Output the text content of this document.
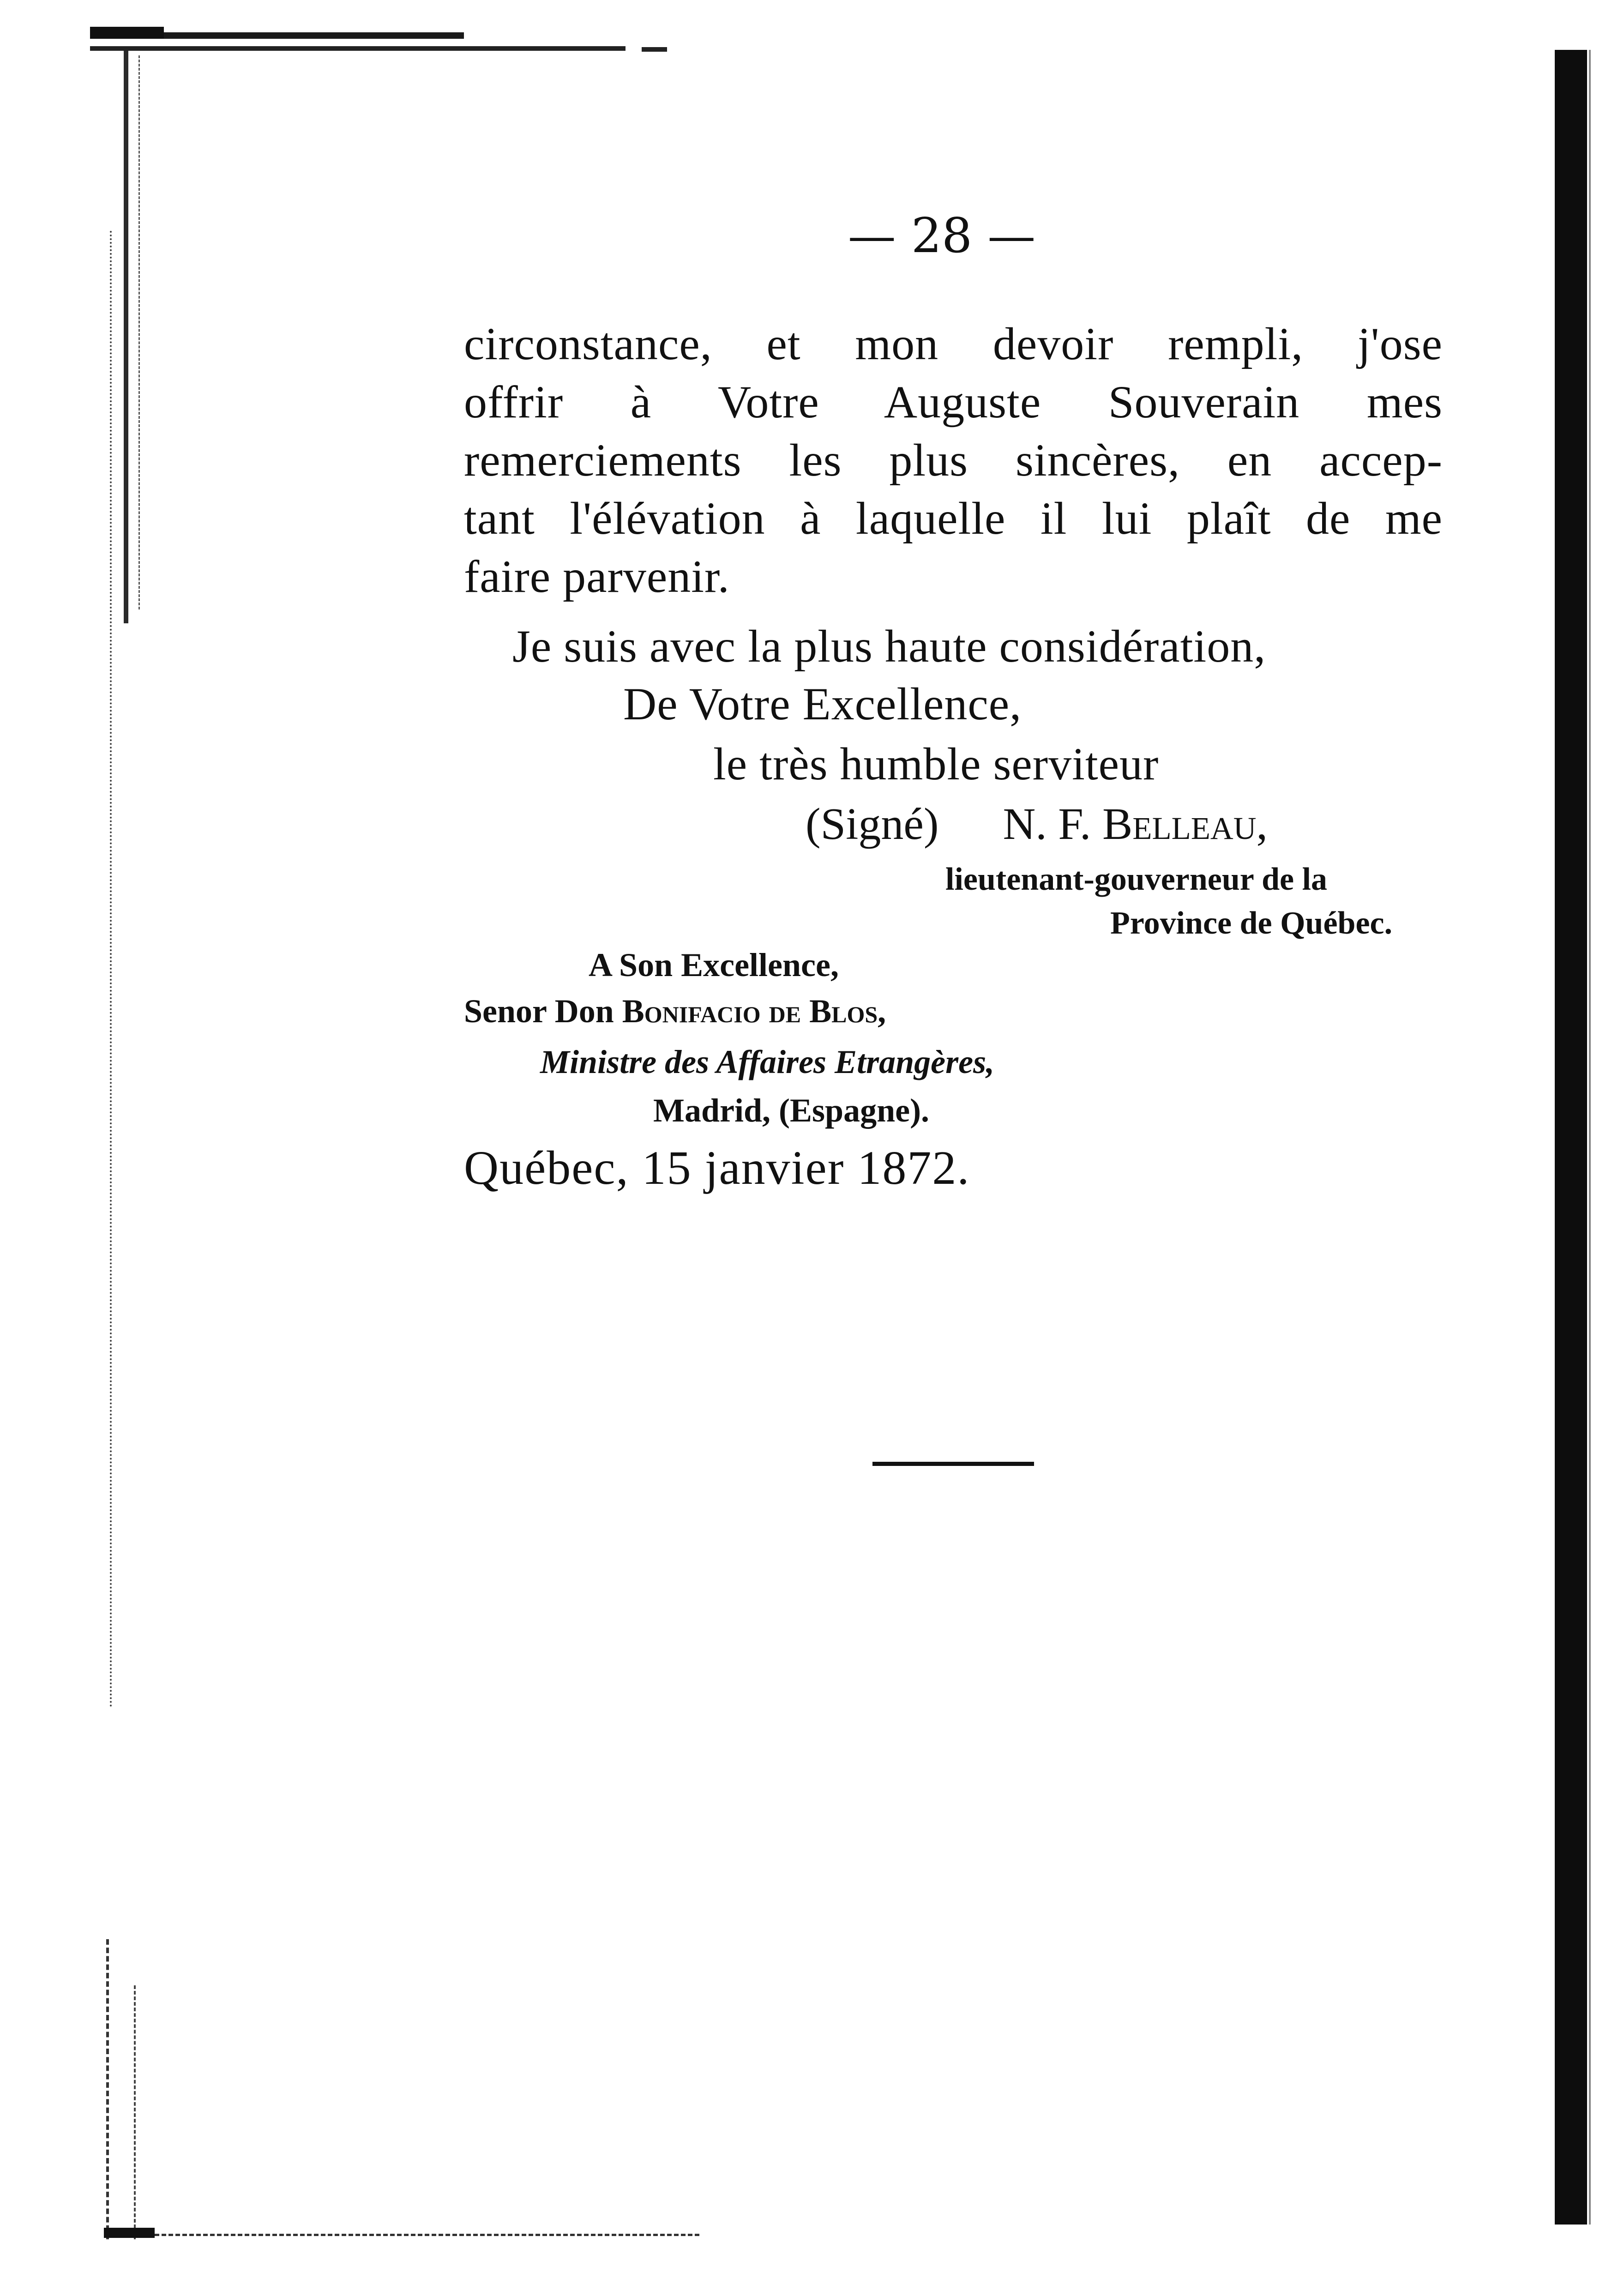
— 28 —
circonstance, et mon devoir rempli, j'ose
offrir à Votre Auguste Souverain mes
remerciements les plus sincères, en accep-
tant l'élévation à laquelle il lui plaît de me
faire parvenir.
Je suis avec la plus haute considération,
De Votre Excellence,
le très humble serviteur
(Signé) N. F. Belleau,
lieutenant-gouverneur de la
Province de Québec.
A Son Excellence,
Senor Don Bonifacio de Blos,
Ministre des Affaires Etrangères,
Madrid, (Espagne).
Québec, 15 janvier 1872.
